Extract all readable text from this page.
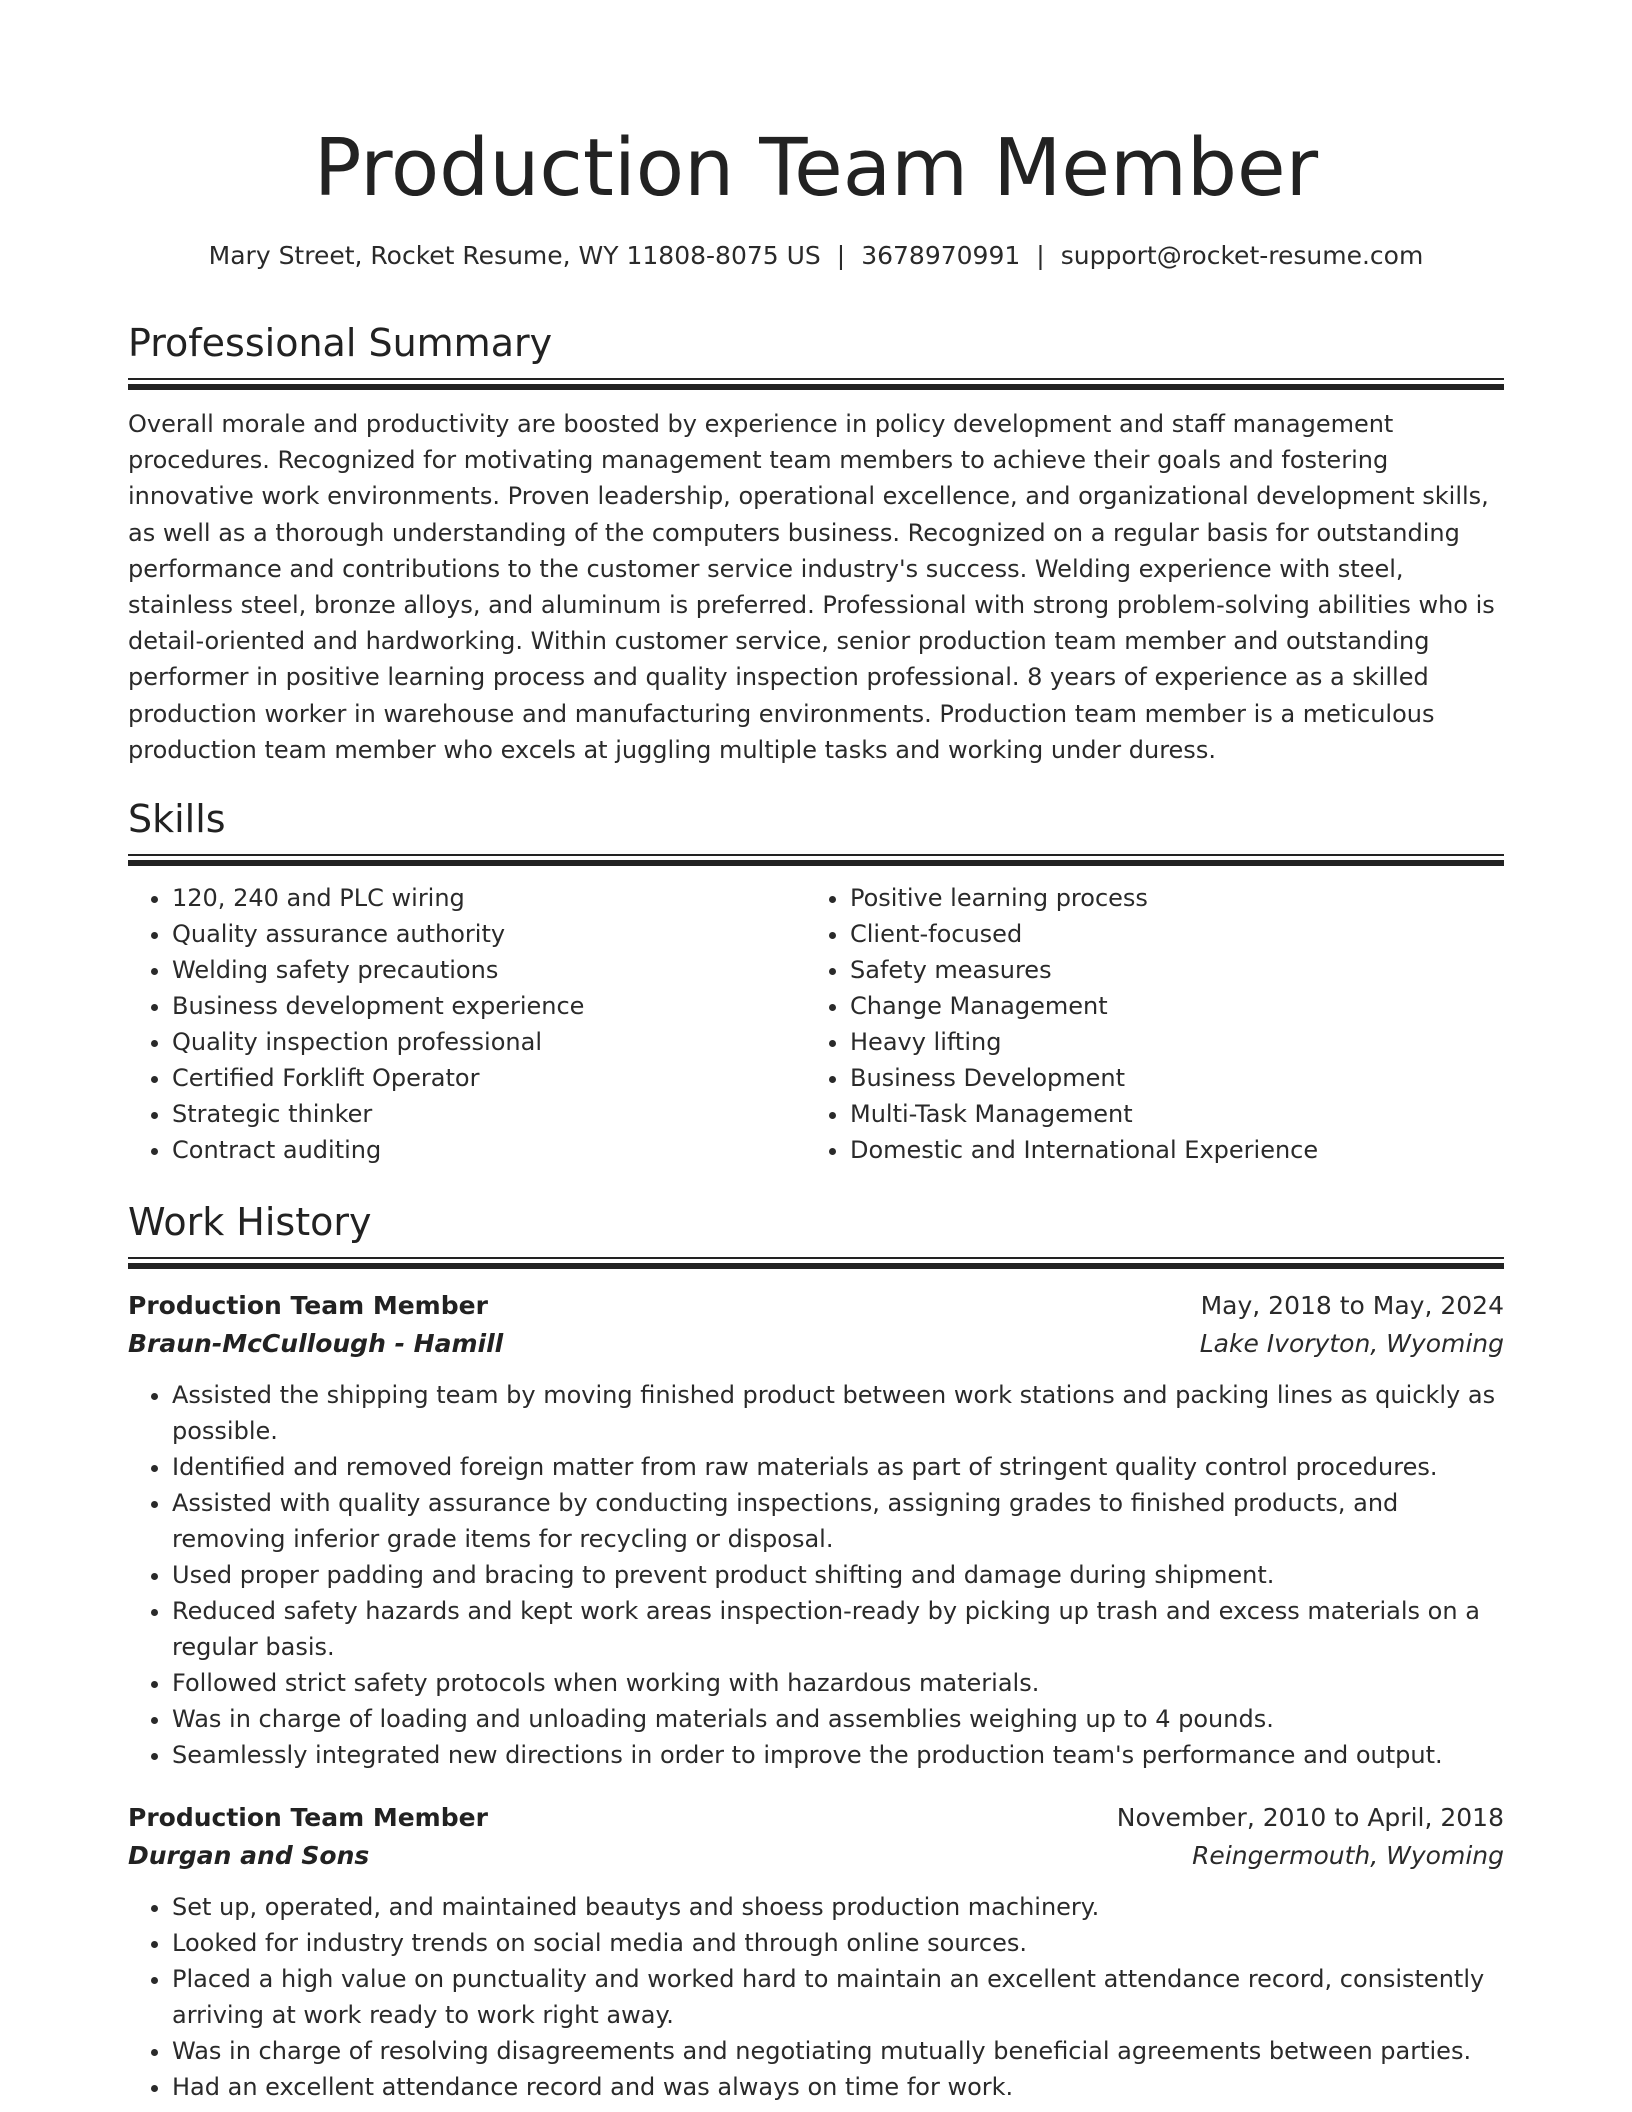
Production Team Member
Mary Street, Rocket Resume, WY 11808-8075 US | 3678970991 | support@rocket-resume.com
Professional Summary

Overall morale and productivity are boosted by experience in policy development and staff management procedures. Recognized for motivating management team members to achieve their goals and fostering innovative work environments. Proven leadership, operational excellence, and organizational development skills, as well as a thorough understanding of the computers business. Recognized on a regular basis for outstanding performance and contributions to the customer service industry's success. Welding experience with steel, stainless steel, bronze alloys, and aluminum is preferred. Professional with strong problem-solving abilities who is detail-oriented and hardworking. Within customer service, senior production team member and outstanding performer in positive learning process and quality inspection professional. 8 years of experience as a skilled production worker in warehouse and manufacturing environments. Production team member is a meticulous production team member who excels at juggling multiple tasks and working under duress.

Skills
• 120, 240 and PLC wiring
• Quality assurance authority
• Welding safety precautions
• Business development experience
• Quality inspection professional
• Certified Forklift Operator
• Strategic thinker
• Contract auditing
• Positive learning process
• Client-focused
• Safety measures
• Change Management
• Heavy lifting
• Business Development
• Multi-Task Management
• Domestic and International Experience
Work History
Production Team Member	May, 2018 to May, 2024
Braun-McCullough - Hamill	Lake Ivoryton, Wyoming
• Assisted the shipping team by moving finished product between work stations and packing lines as quickly as possible.
• Identified and removed foreign matter from raw materials as part of stringent quality control procedures.
• Assisted with quality assurance by conducting inspections, assigning grades to finished products, and removing inferior grade items for recycling or disposal.
• Used proper padding and bracing to prevent product shifting and damage during shipment.
• Reduced safety hazards and kept work areas inspection-ready by picking up trash and excess materials on a regular basis.
• Followed strict safety protocols when working with hazardous materials.
• Was in charge of loading and unloading materials and assemblies weighing up to 4 pounds.
• Seamlessly integrated new directions in order to improve the production team's performance and output.
Production Team Member	November, 2010 to April, 2018
Durgan and Sons	Reingermouth, Wyoming
• Set up, operated, and maintained beautys and shoess production machinery.
• Looked for industry trends on social media and through online sources.
• Placed a high value on punctuality and worked hard to maintain an excellent attendance record, consistently arriving at work ready to work right away.
• Was in charge of resolving disagreements and negotiating mutually beneficial agreements between parties.
• Had an excellent attendance record and was always on time for work.
